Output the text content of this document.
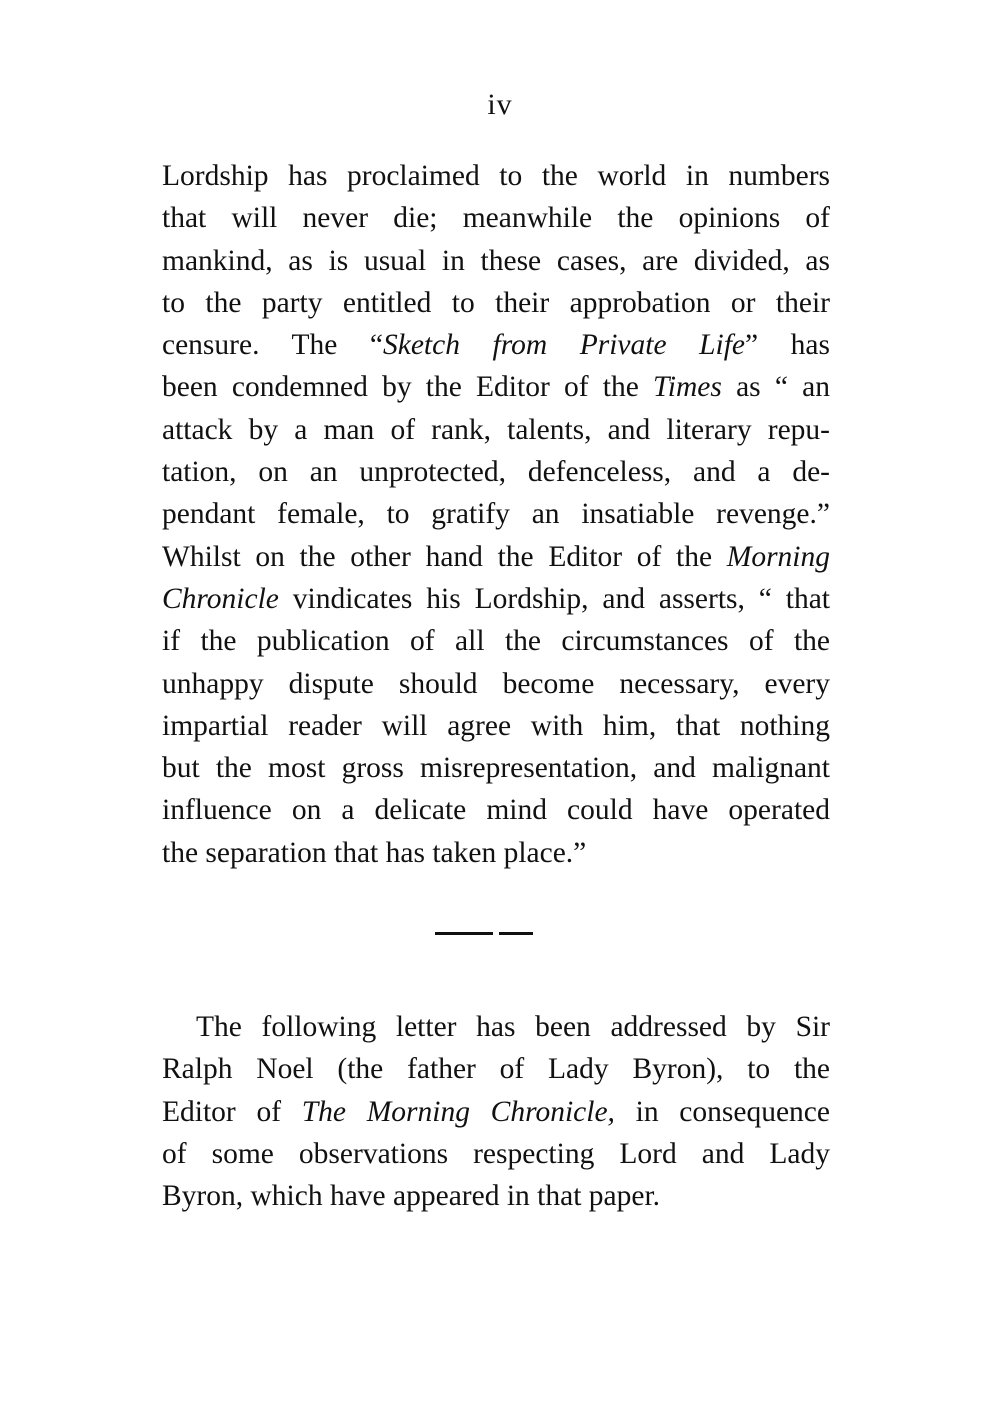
iv
Lordship has proclaimed to the world in numbers
that will never die; meanwhile the opinions of
mankind, as is usual in these cases, are divided, as
to the party entitled to their approbation or their
censure. The “Sketch from Private Life” has
been condemned by the Editor of the Times as “ an
attack by a man of rank, talents, and literary repu-
tation, on an unprotected, defenceless, and a de-
pendant female, to gratify an insatiable revenge.”
Whilst on the other hand the Editor of the Morning
Chronicle vindicates his Lordship, and asserts, “ that
if the publication of all the circumstances of the
unhappy dispute should become necessary, every
impartial reader will agree with him, that nothing
but the most gross misrepresentation, and malignant
influence on a delicate mind could have operated
the separation that has taken place.”
The following letter has been addressed by Sir
Ralph Noel (the father of Lady Byron), to the
Editor of The Morning Chronicle, in consequence
of some observations respecting Lord and Lady
Byron, which have appeared in that paper.
